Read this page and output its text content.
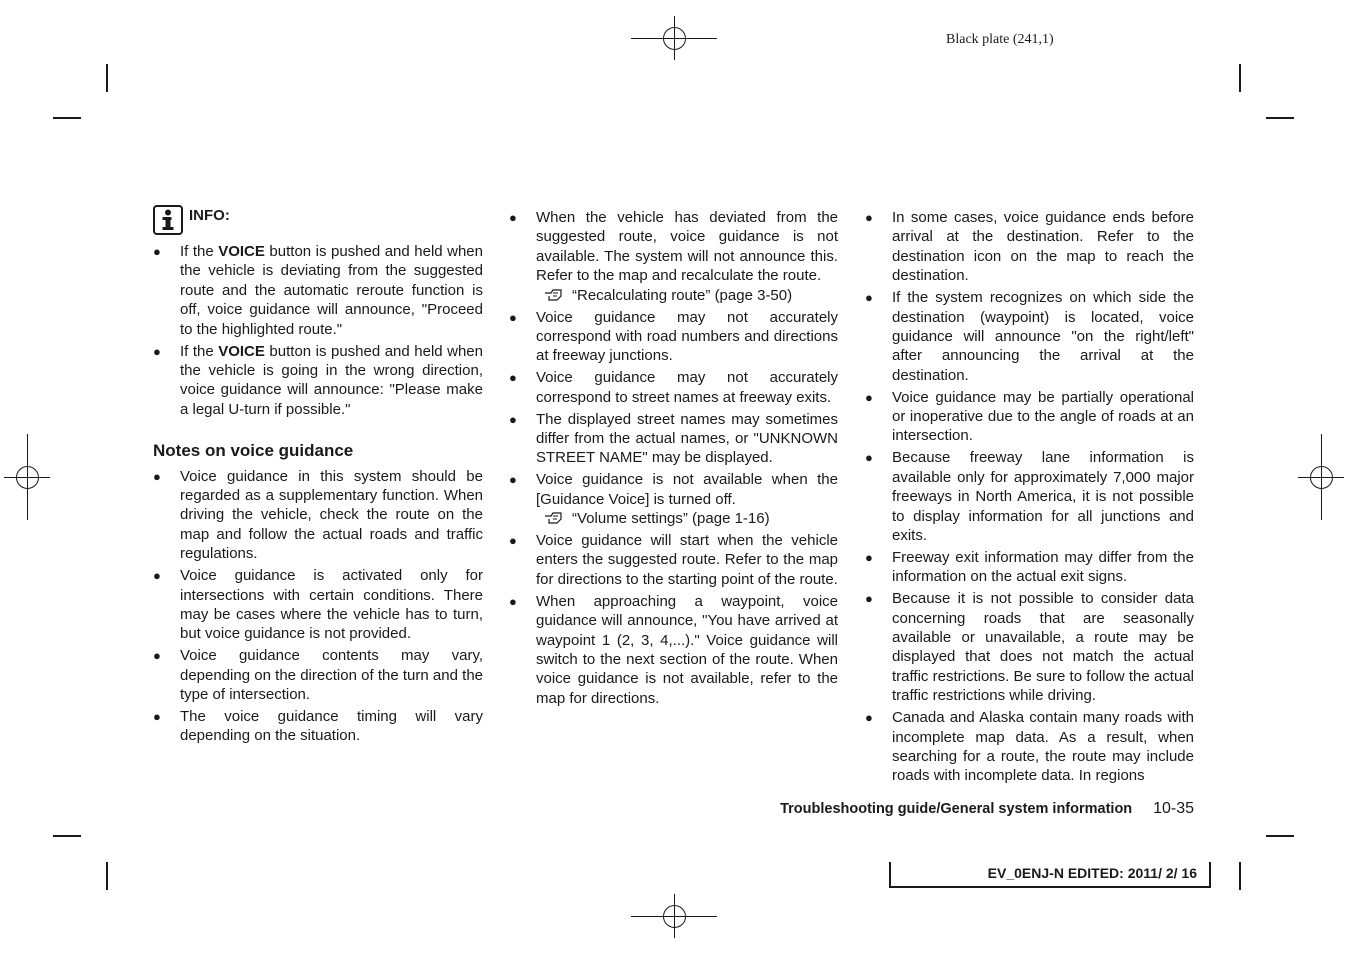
Black plate (241,1)
INFO:
● If the VOICE button is pushed and held when the vehicle is deviating from the suggested route and the automatic reroute function is off, voice guidance will announce, "Proceed to the highlighted route."
● If the VOICE button is pushed and held when the vehicle is going in the wrong direction, voice guidance will announce: "Please make a legal U-turn if possible."
Notes on voice guidance
● Voice guidance in this system should be regarded as a supplementary function. When driving the vehicle, check the route on the map and follow the actual roads and traffic regulations.
● Voice guidance is activated only for intersections with certain conditions. There may be cases where the vehicle has to turn, but voice guidance is not provided.
● Voice guidance contents may vary, depending on the direction of the turn and the type of intersection.
● The voice guidance timing will vary depending on the situation.
● When the vehicle has deviated from the suggested route, voice guidance is not available. The system will not announce this. Refer to the map and recalculate the route.
“Recalculating route” (page 3-50)
● Voice guidance may not accurately correspond with road numbers and directions at freeway junctions.
● Voice guidance may not accurately correspond to street names at freeway exits.
● The displayed street names may sometimes differ from the actual names, or "UNKNOWN STREET NAME" may be displayed.
● Voice guidance is not available when the [Guidance Voice] is turned off.
“Volume settings” (page 1-16)
● Voice guidance will start when the vehicle enters the suggested route. Refer to the map for directions to the starting point of the route.
● When approaching a waypoint, voice guidance will announce, "You have arrived at waypoint 1 (2, 3, 4,...)." Voice guidance will switch to the next section of the route. When voice guidance is not available, refer to the map for directions.
● In some cases, voice guidance ends before arrival at the destination. Refer to the destination icon on the map to reach the destination.
● If the system recognizes on which side the destination (waypoint) is located, voice guidance will announce "on the right/left" after announcing the arrival at the destination.
● Voice guidance may be partially operational or inoperative due to the angle of roads at an intersection.
● Because freeway lane information is available only for approximately 7,000 major freeways in North America, it is not possible to display information for all junctions and exits.
● Freeway exit information may differ from the information on the actual exit signs.
● Because it is not possible to consider data concerning roads that are seasonally available or unavailable, a route may be displayed that does not match the actual traffic restrictions. Be sure to follow the actual traffic restrictions while driving.
● Canada and Alaska contain many roads with incomplete map data. As a result, when searching for a route, the route may include roads with incomplete data. In regions
Troubleshooting guide/General system information 10-35
EV_0ENJ-N EDITED: 2011/ 2/ 16
